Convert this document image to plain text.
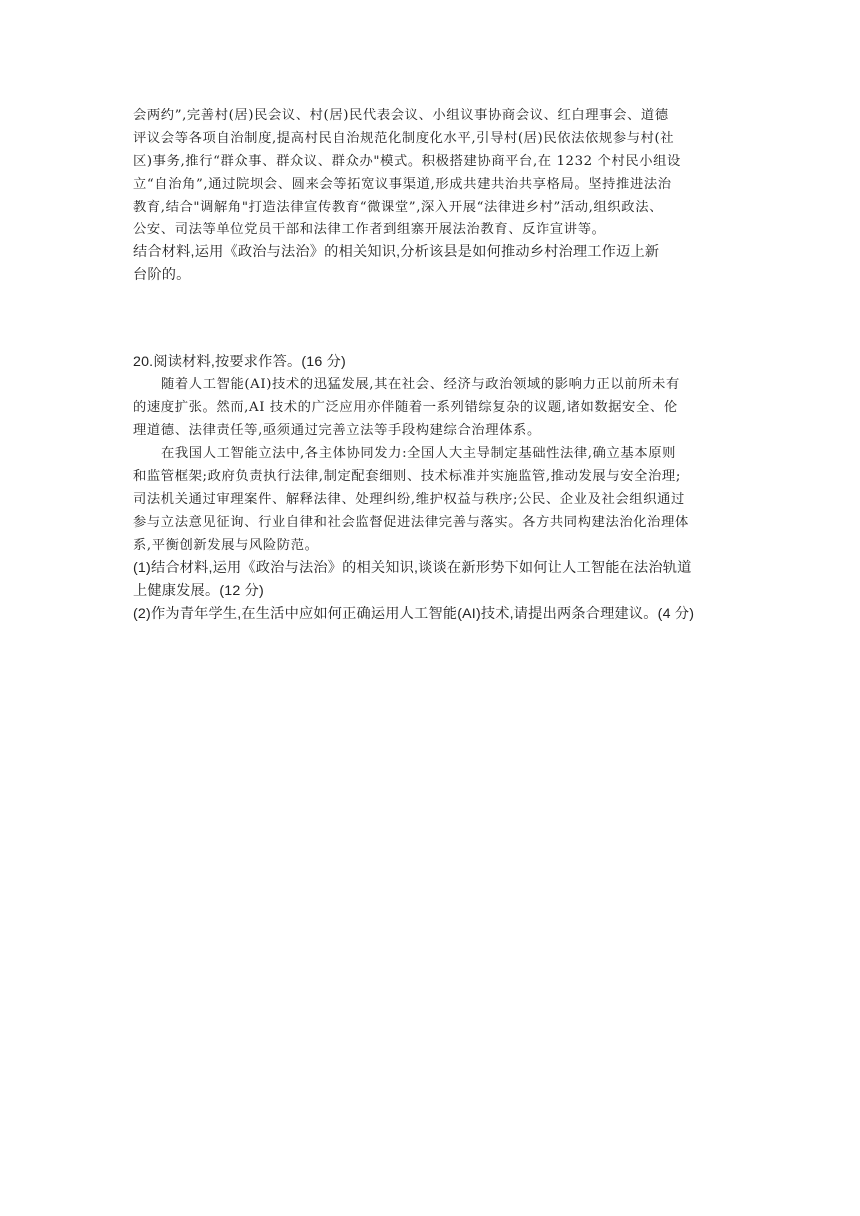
会两约”,完善村(居)民会议、村(居)民代表会议、小组议事协商会议、红白理事会、道德

评议会等各项自治制度,提高村民自治规范化制度化水平,引导村(居)民依法依规参与村(社

区)事务,推行“群众事、群众议、群众办"模式。积极搭建协商平台,在 1232 个村民小组设

立“自治角”,通过院坝会、圆来会等拓宽议事渠道,形成共建共治共享格局。坚持推进法治

教育,结合"调解角"打造法律宣传教育“微课堂”,深入开展“法律进乡村”活动,组织政法、

公安、司法等单位党员干部和法律工作者到组寨开展法治教育、反诈宣讲等。

结合材料,运用《政治与法治》的相关知识,分析该县是如何推动乡村治理工作迈上新

台阶的。

20.阅读材料,按要求作答。(16 分)

随着人工智能(AI)技术的迅猛发展,其在社会、经济与政治领域的影响力正以前所未有

的速度扩张。然而,AI 技术的广泛应用亦伴随着一系列错综复杂的议题,诸如数据安全、伦

理道德、法律责任等,亟须通过完善立法等手段构建综合治理体系。

在我国人工智能立法中,各主体协同发力:全国人大主导制定基础性法律,确立基本原则

和监管框架;政府负责执行法律,制定配套细则、技术标准并实施监管,推动发展与安全治理;

司法机关通过审理案件、解释法律、处理纠纷,维护权益与秩序;公民、企业及社会组织通过

参与立法意见征询、行业自律和社会监督促进法律完善与落实。各方共同构建法治化治理体

系,平衡创新发展与风险防范。

(1)结合材料,运用《政治与法治》的相关知识,谈谈在新形势下如何让人工智能在法治轨道

上健康发展。(12 分)

(2)作为青年学生,在生活中应如何正确运用人工智能(AI)技术,请提出两条合理建议。(4 分)
